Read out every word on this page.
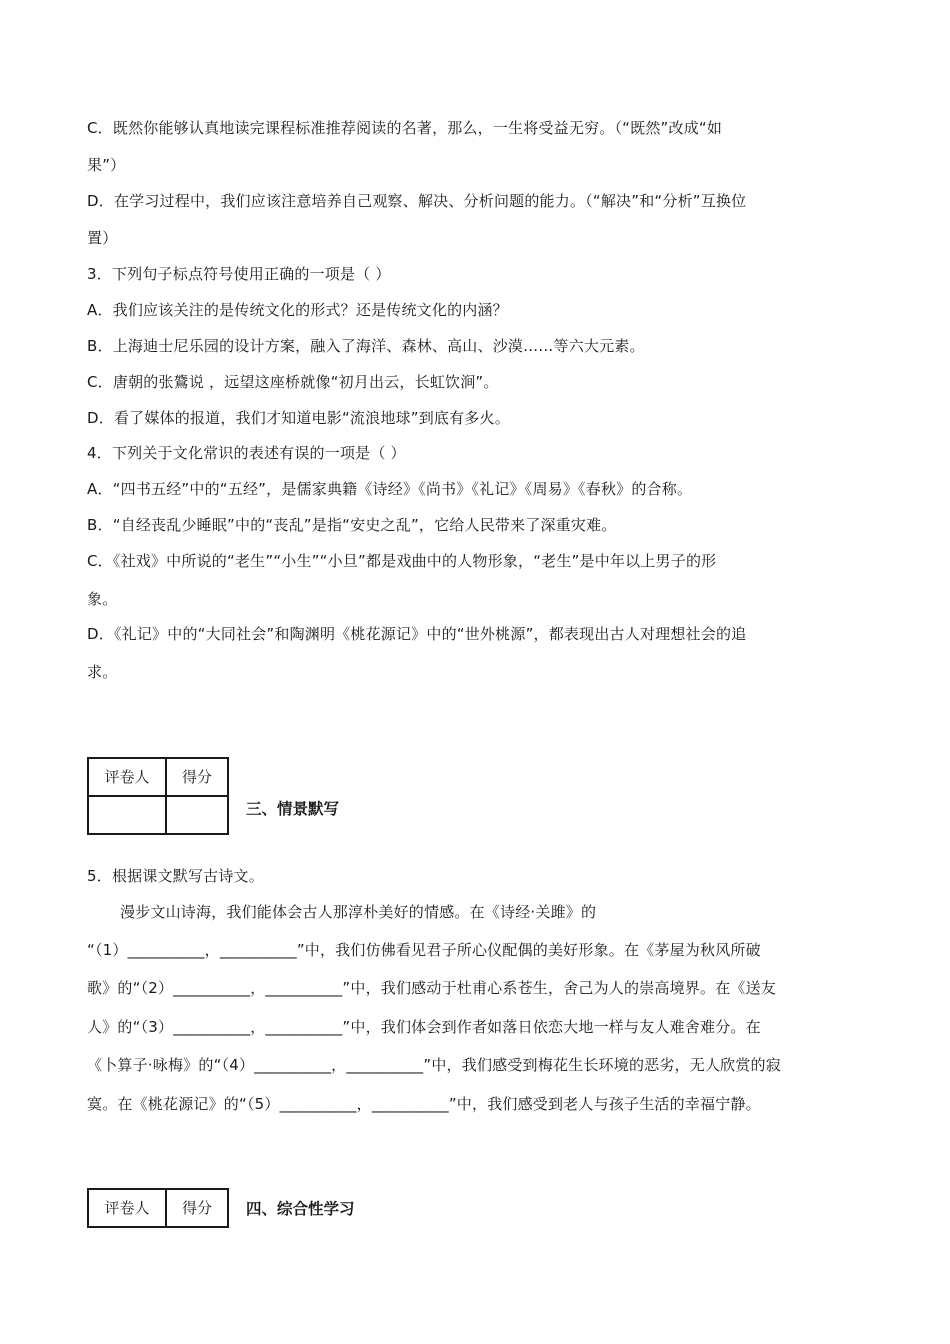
C．既然你能够认真地读完课程标准推荐阅读的名著，那么，一生将受益无穷。（“既然”改成“如
果”）
D．在学习过程中，我们应该注意培养自己观察、解决、分析问题的能力。（“解决”和“分析”互换位
置）
3．下列句子标点符号使用正确的一项是（ ）
A．我们应该关注的是传统文化的形式？还是传统文化的内涵？
B．上海迪士尼乐园的设计方案，融入了海洋、森林、高山、沙漠……等六大元素。
C．唐朝的张鷟说 ，远望这座桥就像“初月出云，长虹饮涧”。
D．看了媒体的报道，我们才知道电影“流浪地球”到底有多火。
4．下列关于文化常识的表述有误的一项是（ ）
A．“四书五经”中的“五经”，是儒家典籍《诗经》《尚书》《礼记》《周易》《春秋》的合称。
B．“自经丧乱少睡眠”中的“丧乱”是指“安史之乱”，它给人民带来了深重灾难。
C．《社戏》中所说的“老生”“小生”“小旦”都是戏曲中的人物形象，“老生”是中年以上男子的形
象。
D．《礼记》中的“大同社会”和陶渊明《桃花源记》中的“世外桃源”，都表现出古人对理想社会的追
求。
评卷人	得分

三、情景默写
5．根据课文默写古诗文。
漫步文山诗海，我们能体会古人那淳朴美好的情感。在《诗经·关雎》的
“（1）__________，__________”中，我们仿佛看见君子所心仪配偶的美好形象。在《茅屋为秋风所破
歌》的“（2）__________，__________”中，我们感动于杜甫心系苍生，舍己为人的崇高境界。在《送友
人》的“（3）__________，__________”中，我们体会到作者如落日依恋大地一样与友人难舍难分。在
《卜算子·咏梅》的“（4）__________，__________”中，我们感受到梅花生长环境的恶劣，无人欣赏的寂
寞。在《桃花源记》的“（5）__________，__________”中，我们感受到老人与孩子生活的幸福宁静。
评卷人	得分 四、综合性学习
